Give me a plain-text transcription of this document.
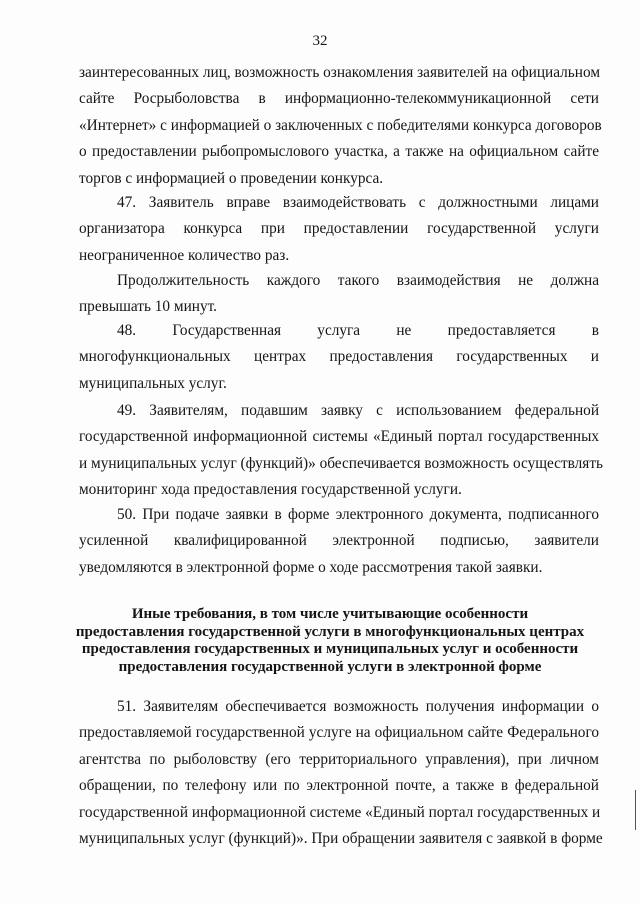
32
заинтересованных лиц, возможность ознакомления заявителей на официальном
сайте Росрыболовства в информационно-телекоммуникационной сети
«Интернет» с информацией о заключенных с победителями конкурса договоров
о предоставлении рыбопромыслового участка, а также на официальном сайте
торгов с информацией о проведении конкурса.
47. Заявитель вправе взаимодействовать с должностными лицами
организатора конкурса при предоставлении государственной услуги
неограниченное количество раз.
Продолжительность каждого такого взаимодействия не должна
превышать 10 минут.
48. Государственная услуга не предоставляется в
многофункциональных центрах предоставления государственных и
муниципальных услуг.
49. Заявителям, подавшим заявку с использованием федеральной
государственной информационной системы «Единый портал государственных
и муниципальных услуг (функций)» обеспечивается возможность осуществлять
мониторинг хода предоставления государственной услуги.
50. При подаче заявки в форме электронного документа, подписанного
усиленной квалифицированной электронной подписью, заявители
уведомляются в электронной форме о ходе рассмотрения такой заявки.
Иные требования, в том числе учитывающие особенности
предоставления государственной услуги в многофункциональных центрах
предоставления государственных и муниципальных услуг и особенности
предоставления государственной услуги в электронной форме
51. Заявителям обеспечивается возможность получения информации о
предоставляемой государственной услуге на официальном сайте Федерального
агентства по рыболовству (его территориального управления), при личном
обращении, по телефону или по электронной почте, а также в федеральной
государственной информационной системе «Единый портал государственных и
муниципальных услуг (функций)». При обращении заявителя с заявкой в форме
